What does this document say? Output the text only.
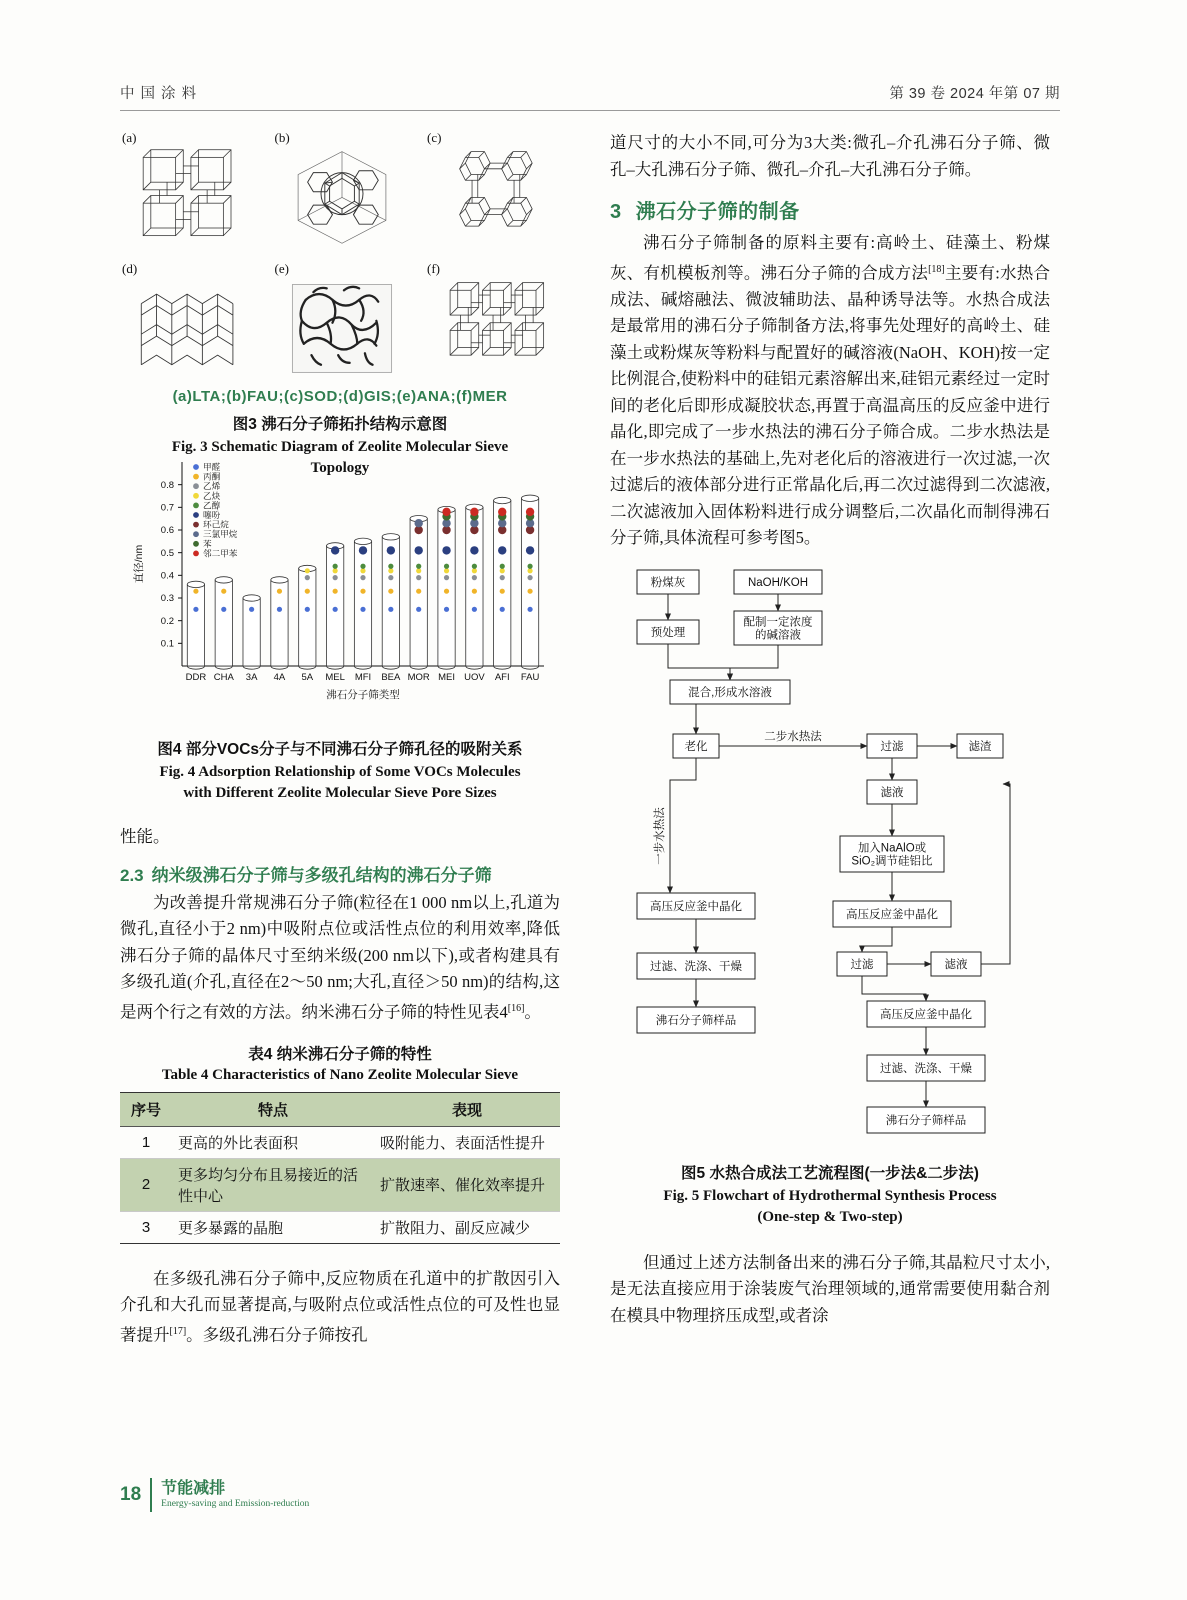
中 国 涂 料	第 39 卷 2024 年第 07 期
(a)	(b)	(c)
(d)	(e)	(f)
(a)LTA;(b)FAU;(c)SOD;(d)GIS;(e)ANA;(f)MER
图3 沸石分子筛拓扑结构示意图
Fig. 3 Schematic Diagram of Zeolite Molecular Sieve
Topology
0.1
0.2
0.3
0.4
0.5
0.6
0.7
0.8
直径/nm
DDR CHA 3A 4A 5A MEL MFI BEA MOR MEI UOV AFI FAU
沸石分子筛类型
甲醛
丙酮
乙烯
乙炔
乙醇
噻吩
环己烷
三氯甲烷
苯
邻二甲苯
图4 部分VOCs分子与不同沸石分子筛孔径的吸附关系
Fig. 4 Adsorption Relationship of Some VOCs Molecules
with Different Zeolite Molecular Sieve Pore Sizes

性能。

2.3 纳米级沸石分子筛与多级孔结构的沸石分子筛

为改善提升常规沸石分子筛(粒径在1 000 nm以上,孔道为微孔,直径小于2 nm)中吸附点位或活性点位的利用效率,降低沸石分子筛的晶体尺寸至纳米级(200 nm以下),或者构建具有多级孔道(介孔,直径在2～50 nm;大孔,直径＞50 nm)的结构,这是两个行之有效的方法。纳米沸石分子筛的特性见表4[16]。

表4 纳米沸石分子筛的特性
Table 4 Characteristics of Nano Zeolite Molecular Sieve
序号	特点	表现
1	更高的外比表面积	吸附能力、表面活性提升
2	更多均匀分布且易接近的活性中心	扩散速率、催化效率提升
3	更多暴露的晶胞	扩散阻力、副反应减少

在多级孔沸石分子筛中,反应物质在孔道中的扩散因引入介孔和大孔而显著提高,与吸附点位或活性点位的可及性也显著提升[17]。多级孔沸石分子筛按孔

道尺寸的大小不同,可分为3大类:微孔–介孔沸石分子筛、微孔–大孔沸石分子筛、微孔–介孔–大孔沸石分子筛。

3 沸石分子筛的制备

沸石分子筛制备的原料主要有:高岭土、硅藻土、粉煤灰、有机模板剂等。沸石分子筛的合成方法[18]主要有:水热合成法、碱熔融法、微波辅助法、晶种诱导法等。水热合成法是最常用的沸石分子筛制备方法,将事先处理好的高岭土、硅藻土或粉煤灰等粉料与配置好的碱溶液(NaOH、KOH)按一定比例混合,使粉料中的硅铝元素溶解出来,硅铝元素经过一定时间的老化后即形成凝胶状态,再置于高温高压的反应釜中进行晶化,即完成了一步水热法的沸石分子筛合成。二步水热法是在一步水热法的基础上,先对老化后的溶液进行一次过滤,一次过滤后的液体部分进行正常晶化后,再二次过滤得到二次滤液,二次滤液加入固体粉料进行成分调整后,二次晶化而制得沸石分子筛,具体流程可参考图5。

粉煤灰	NaOH/KOH
预处理
配制一定浓度
的碱溶液
混合,形成水溶液
老化	过滤	滤渣
滤液
加入NaAlO或
SiO₂调节硅铝比
高压反应釜中晶化
高压反应釜中晶化
过滤、洗涤、干燥	过滤	滤液
沸石分子筛样品	高压反应釜中晶化
过滤、洗涤、干燥
沸石分子筛样品
二步水热法
一步水热法
图5 水热合成法工艺流程图(一步法&二步法)
Fig. 5 Flowchart of Hydrothermal Synthesis Process
(One-step & Two-step)

但通过上述方法制备出来的沸石分子筛,其晶粒尺寸太小,是无法直接应用于涂装废气治理领域的,通常需要使用黏合剂在模具中物理挤压成型,或者涂

18 节能减排
Energy-saving and Emission-reduction
